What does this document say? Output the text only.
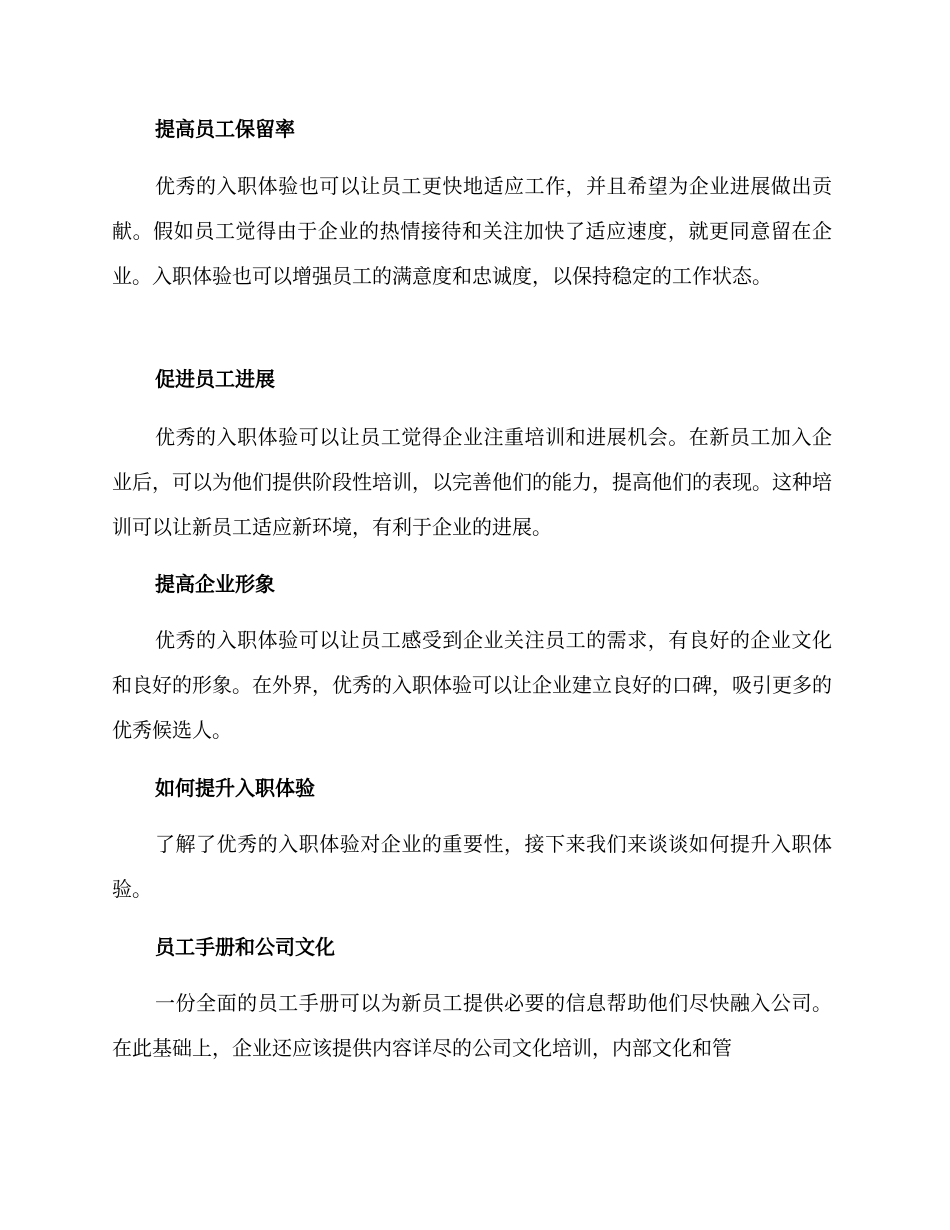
提高员工保留率

优秀的入职体验也可以让员工更快地适应工作，并且希望为企业进展做出贡献。假如员工觉得由于企业的热情接待和关注加快了适应速度，就更同意留在企业。入职体验也可以增强员工的满意度和忠诚度，以保持稳定的工作状态。

促进员工进展

优秀的入职体验可以让员工觉得企业注重培训和进展机会。在新员工加入企业后，可以为他们提供阶段性培训，以完善他们的能力，提高他们的表现。这种培训可以让新员工适应新环境，有利于企业的进展。

提高企业形象

优秀的入职体验可以让员工感受到企业关注员工的需求，有良好的企业文化和良好的形象。在外界，优秀的入职体验可以让企业建立良好的口碑，吸引更多的优秀候选人。

如何提升入职体验

了解了优秀的入职体验对企业的重要性，接下来我们来谈谈如何提升入职体验。

员工手册和公司文化

一份全面的员工手册可以为新员工提供必要的信息帮助他们尽快融入公司。在此基础上，企业还应该提供内容详尽的公司文化培训，内部文化和管
